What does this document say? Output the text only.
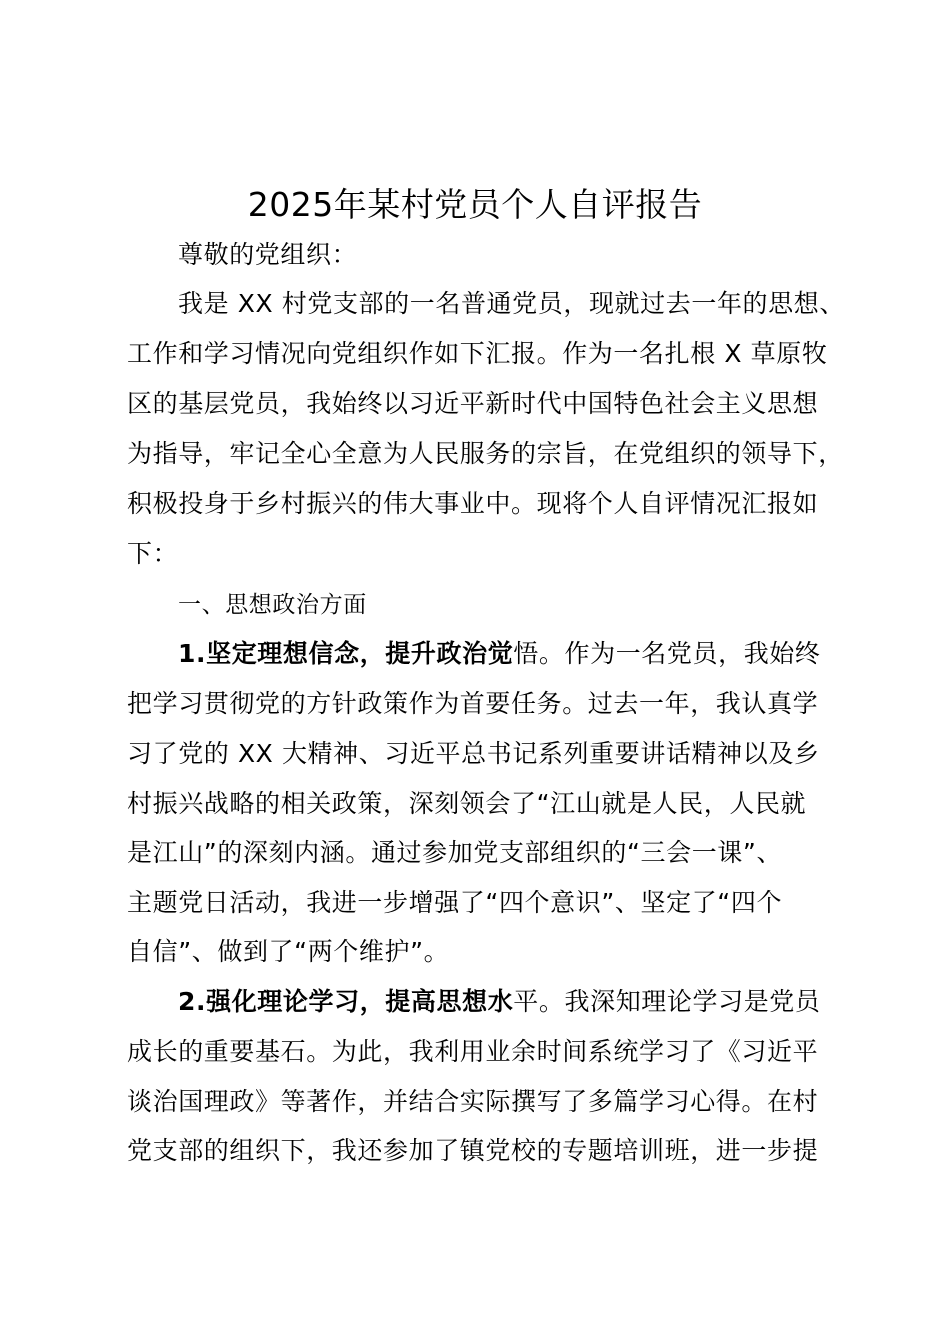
2025年某村党员个人自评报告
尊敬的党组织：
我是 XX 村党支部的一名普通党员，现就过去一年的思想、
工作和学习情况向党组织作如下汇报。作为一名扎根 X 草原牧
区的基层党员，我始终以习近平新时代中国特色社会主义思想
为指导，牢记全心全意为人民服务的宗旨，在党组织的领导下，
积极投身于乡村振兴的伟大事业中。现将个人自评情况汇报如
下：
一、思想政治方面
1.坚定理想信念，提升政治觉悟。作为一名党员，我始终
把学习贯彻党的方针政策作为首要任务。过去一年，我认真学
习了党的 XX 大精神、习近平总书记系列重要讲话精神以及乡
村振兴战略的相关政策，深刻领会了“江山就是人民，人民就
是江山”的深刻内涵。通过参加党支部组织的“三会一课”、
主题党日活动，我进一步增强了“四个意识”、坚定了“四个
自信”、做到了“两个维护”。
2.强化理论学习，提高思想水平。我深知理论学习是党员
成长的重要基石。为此，我利用业余时间系统学习了《习近平
谈治国理政》等著作，并结合实际撰写了多篇学习心得。在村
党支部的组织下，我还参加了镇党校的专题培训班，进一步提
